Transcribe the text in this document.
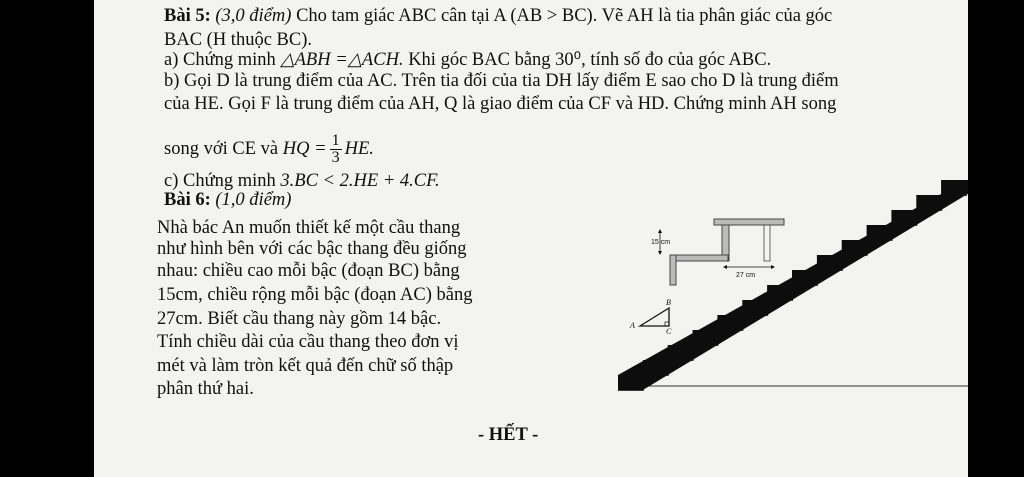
Bài 5: (3,0 điểm) Cho tam giác ABC cân tại A (AB > BC). Vẽ AH là tia phân giác của góc
BAC (H thuộc BC).
a) Chứng minh △ABH =△ACH. Khi góc BAC bằng 30⁰, tính số đo của góc ABC.
b) Gọi D là trung điểm của AC. Trên tia đối của tia DH lấy điểm E sao cho D là trung điểm
của HE. Gọi F là trung điểm của AH, Q là giao điểm của CF và HD. Chứng minh AH song
song với CE và HQ = $\frac{1}{3}$ HE.
c) Chứng minh 3.BC < 2.HE + 4.CF.
Bài 6: (1,0 điểm)
Nhà bác An muốn thiết kế một cầu thang
như hình bên với các bậc thang đều giống
nhau: chiều cao mỗi bậc (đoạn BC) bằng
15cm, chiều rộng mỗi bậc (đoạn AC) bằng
27cm. Biết cầu thang này gồm 14 bậc.
Tính chiều dài của cầu thang theo đơn vị
mét và làm tròn kết quả đến chữ số thập
phân thứ hai.
15 cm
27 cm
A
B
C
- HẾT -
